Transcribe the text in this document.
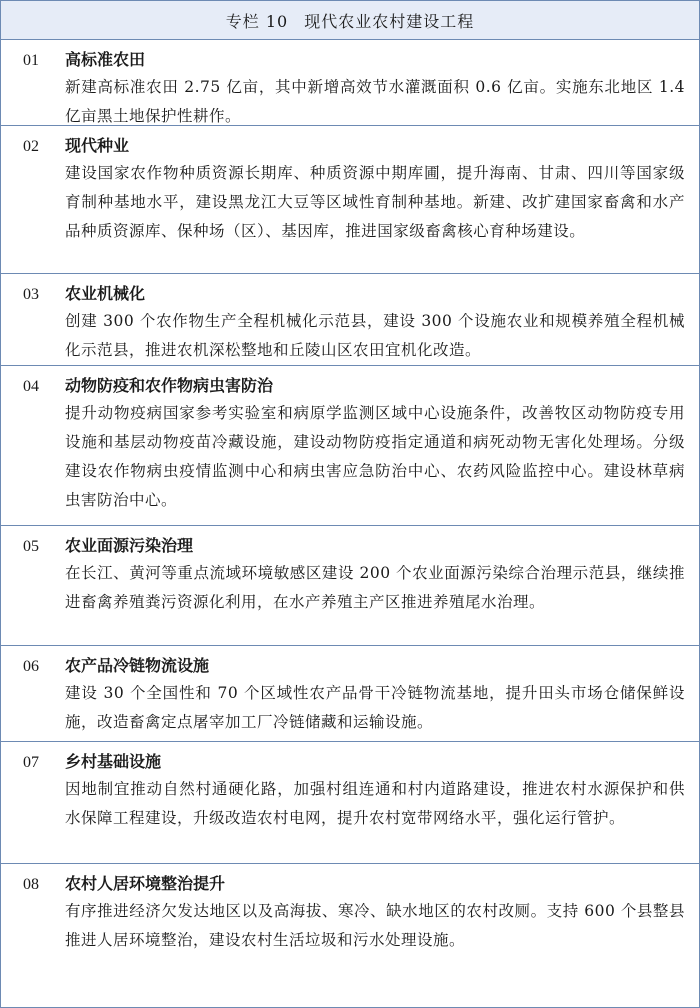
专栏 10 现代农业农村建设工程
01	高标准农田
新建高标准农田 2.75 亿亩，其中新增高效节水灌溉面积 0.6 亿亩。实施东北地区 1.4 亿亩黑土地保护性耕作。
02	现代种业
建设国家农作物种质资源长期库、种质资源中期库圃，提升海南、甘肃、四川等国家级育制种基地水平，建设黑龙江大豆等区域性育制种基地。新建、改扩建国家畜禽和水产品种质资源库、保种场（区）、基因库，推进国家级畜禽核心育种场建设。
03	农业机械化
创建 300 个农作物生产全程机械化示范县，建设 300 个设施农业和规模养殖全程机械化示范县，推进农机深松整地和丘陵山区农田宜机化改造。
04	动物防疫和农作物病虫害防治
提升动物疫病国家参考实验室和病原学监测区域中心设施条件，改善牧区动物防疫专用设施和基层动物疫苗冷藏设施，建设动物防疫指定通道和病死动物无害化处理场。分级建设农作物病虫疫情监测中心和病虫害应急防治中心、农药风险监控中心。建设林草病虫害防治中心。
05	农业面源污染治理
在长江、黄河等重点流域环境敏感区建设 200 个农业面源污染综合治理示范县，继续推进畜禽养殖粪污资源化利用，在水产养殖主产区推进养殖尾水治理。
06	农产品冷链物流设施
建设 30 个全国性和 70 个区域性农产品骨干冷链物流基地，提升田头市场仓储保鲜设施，改造畜禽定点屠宰加工厂冷链储藏和运输设施。
07	乡村基础设施
因地制宜推动自然村通硬化路，加强村组连通和村内道路建设，推进农村水源保护和供水保障工程建设，升级改造农村电网，提升农村宽带网络水平，强化运行管护。
08	农村人居环境整治提升
有序推进经济欠发达地区以及高海拔、寒冷、缺水地区的农村改厕。支持 600 个县整县推进人居环境整治，建设农村生活垃圾和污水处理设施。
